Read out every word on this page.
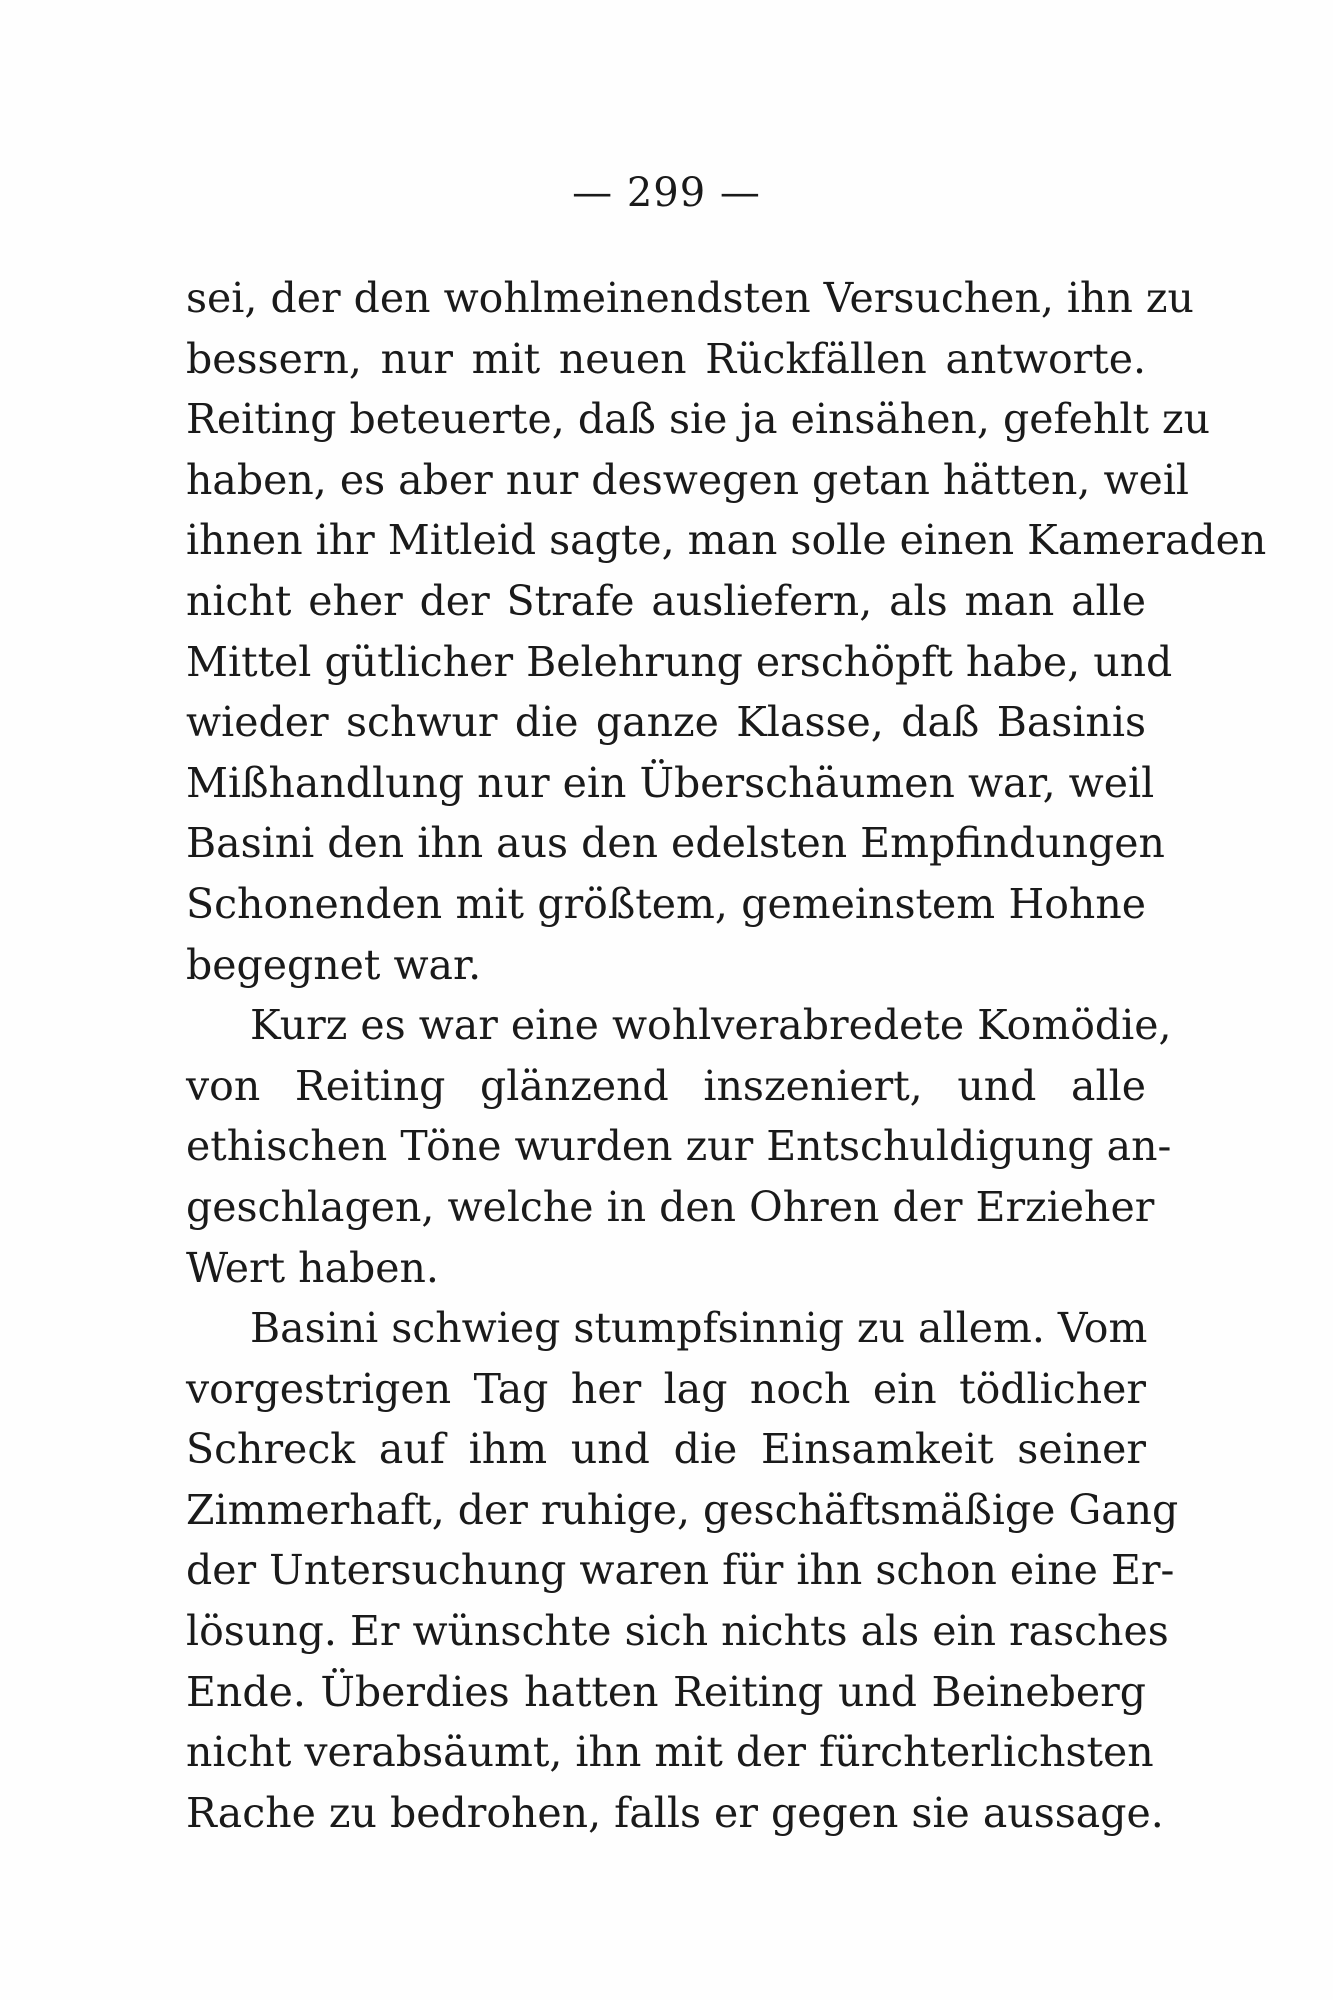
— 299 —
sei, der den wohlmeinendsten Versuchen, ihn zu
bessern, nur mit neuen Rückfällen antworte.
Reiting beteuerte, daß sie ja einsähen, gefehlt zu
haben, es aber nur deswegen getan hätten, weil
ihnen ihr Mitleid sagte, man solle einen Kameraden
nicht eher der Strafe ausliefern, als man alle
Mittel gütlicher Belehrung erschöpft habe, und
wieder schwur die ganze Klasse, daß Basinis
Mißhandlung nur ein Überschäumen war, weil
Basini den ihn aus den edelsten Empfindungen
Schonenden mit größtem, gemeinstem Hohne
begegnet war.
Kurz es war eine wohlverabredete Komödie,
von Reiting glänzend inszeniert, und alle
ethischen Töne wurden zur Entschuldigung an-
geschlagen, welche in den Ohren der Erzieher
Wert haben.
Basini schwieg stumpfsinnig zu allem. Vom
vorgestrigen Tag her lag noch ein tödlicher
Schreck auf ihm und die Einsamkeit seiner
Zimmerhaft, der ruhige, geschäftsmäßige Gang
der Untersuchung waren für ihn schon eine Er-
lösung. Er wünschte sich nichts als ein rasches
Ende. Überdies hatten Reiting und Beineberg
nicht verabsäumt, ihn mit der fürchterlichsten
Rache zu bedrohen, falls er gegen sie aussage.
